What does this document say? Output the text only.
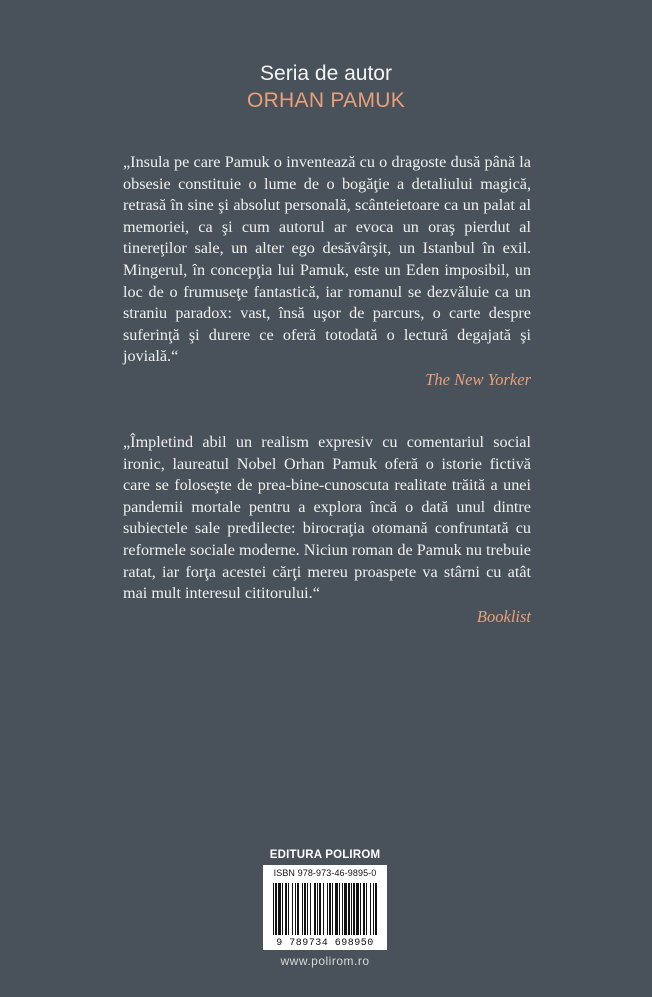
Seria de autor
ORHAN PAMUK

„Insula pe care Pamuk o inventează cu o dragoste dusă până la obsesie constituie o lume de o bogăţie a detaliului magică, retrasă în sine şi absolut personală, scânteietoare ca un palat al memoriei, ca şi cum autorul ar evoca un oraş pierdut al tinereţilor sale, un alter ego desăvârşit, un Istanbul în exil. Mingerul, în concepţia lui Pamuk, este un Eden imposibil, un loc de o frumuseţe fantastică, iar romanul se dezvăluie ca un straniu paradox: vast, însă uşor de parcurs, o carte despre suferinţă şi durere ce oferă totodată o lectură degajată şi jovială.“

The New Yorker

„Împletind abil un realism expresiv cu comentariul social ironic, laureatul Nobel Orhan Pamuk oferă o istorie fictivă care se foloseşte de prea-bine-cunoscuta realitate trăită a unei pandemii mortale pentru a explora încă o dată unul dintre subiectele sale predilecte: birocraţia otomană confruntată cu reformele sociale moderne. Niciun roman de Pamuk nu trebuie ratat, iar forţa acestei cărţi mereu proaspete va stârni cu atât mai mult interesul cititorului.“

Booklist
EDITURA POLIROM
ISBN 978-973-46-9895-0
9 789734 698950
www.polirom.ro
